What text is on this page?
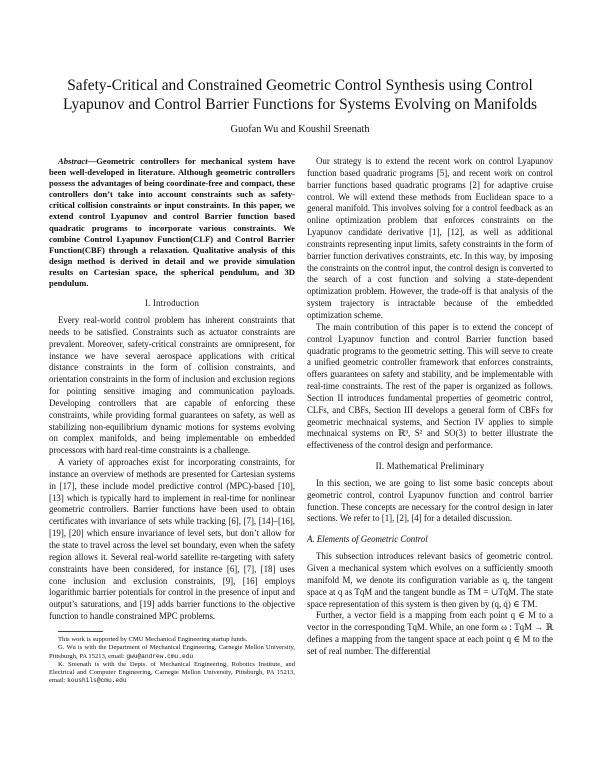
Safety-Critical and Constrained Geometric Control Synthesis using Control Lyapunov and Control Barrier Functions for Systems Evolving on Manifolds
Guofan Wu and Koushil Sreenath

Abstract—Geometric controllers for mechanical system have been well-developed in literature. Although geometric controllers possess the advantages of being coordinate-free and compact, these controllers don’t take into account constraints such as safety-critical collision constraints or input constraints. In this paper, we extend control Lyapunov and control Barrier function based quadratic programs to incorporate various constraints. We combine Control Lyapunov Function(CLF) and Control Barrier Function(CBF) through a relaxation. Qualitative analysis of this design method is derived in detail and we provide simulation results on Cartesian space, the spherical pendulum, and 3D pendulum.

I. Introduction

Every real-world control problem has inherent constraints that needs to be satisfied. Constraints such as actuator constraints are prevalent. Moreover, safety-critical constraints are omnipresent, for instance we have several aerospace applications with critical distance constraints in the form of collision constraints, and orientation constraints in the form of inclusion and exclusion regions for pointing sensitive imaging and communication payloads. Developing controllers that are capable of enforcing these constraints, while providing formal guarantees on safety, as well as stabilizing non-equilibrium dynamic motions for systems evolving on complex manifolds, and being implementable on embedded processors with hard real-time constraints is a challenge.

A variety of approaches exist for incorporating constraints, for instance an overview of methods are presented for Cartesian systems in [17], these include model predictive control (MPC)-based [10], [13] which is typically hard to implement in real-time for nonlinear geometric controllers. Barrier functions have been used to obtain certificates with invariance of sets while tracking [6], [7], [14]–[16], [19], [20] which ensure invariance of level sets, but don’t allow for the state to travel across the level set boundary, even when the safety region allows it. Several real-world satellite re-targeting with safety constraints have been considered, for instance [6], [7], [18] uses cone inclusion and exclusion constraints, [9], [16] employs logarithmic barrier potentials for control in the presence of input and output’s saturations, and [19] adds barrier functions to the objective function to handle constrained MPC problems.

This work is supported by CMU Mechanical Engineering startup funds.
G. Wu is with the Department of Mechanical Engineering, Carnegie Mellon University, Pittsburgh, PA 15213, email: gwu@andrew.cmu.edu
K. Sreenath is with the Depts. of Mechanical Engineering, Robotics Institute, and Electrical and Computer Engineering, Carnegie Mellon University, Pittsburgh, PA 15213, email: koushils@cmu.edu

Our strategy is to extend the recent work on control Lyapunov function based quadratic programs [5], and recent work on control barrier functions based quadratic programs [2] for adaptive cruise control. We will extend these methods from Euclidean space to a general manifold. This involves solving for a control feedback as an online optimization problem that enforces constraints on the Lyapunov candidate derivative [1], [12], as well as additional constraints representing input limits, safety constraints in the form of barrier function derivatives constraints, etc. In this way, by imposing the constraints on the control input, the control design is converted to the search of a cost function and solving a state-dependent optimization problem. However, the trade-off is that analysis of the system trajectory is intractable because of the embedded optimization scheme.

The main contribution of this paper is to extend the concept of control Lyapunov function and control Barrier function based quadratic programs to the geometric setting. This will serve to create a unified geometric controller framework that enforces constraints, offers guarantees on safety and stability, and be implementable with real-time constraints. The rest of the paper is organized as follows. Section II introduces fundamental properties of geometric control, CLFs, and CBFs, Section III develops a general form of CBFs for geometric mechnaical systems, and Section IV applies to simple mechnaical systems on ℝ³, S² and SO(3) to better illustrate the effectiveness of the control design and performance.

II. Mathematical Preliminary

In this section, we are going to list some basic concepts about geometric control, control Lyapunov function and control barrier function. These concepts are necessary for the control design in later sections. We refer to [1], [2], [4] for a detailed discussion.

A. Elements of Geometric Control

This subsection introduces relevant basics of geometric control. Given a mechanical system which evolves on a sufficiently smooth manifold M, we denote its configuration variable as q, the tangent space at q as TqM and the tangent bundle as TM = ∪TqM. The state space representation of this system is then given by (q, q̇) ∈ TM.

Further, a vector field is a mapping from each point q ∈ M to a vector in the corresponding TqM. While, an one form ω : TqM → ℝ defines a mapping from the tangent space at each point q ∈ M to the set of real number. The differential
